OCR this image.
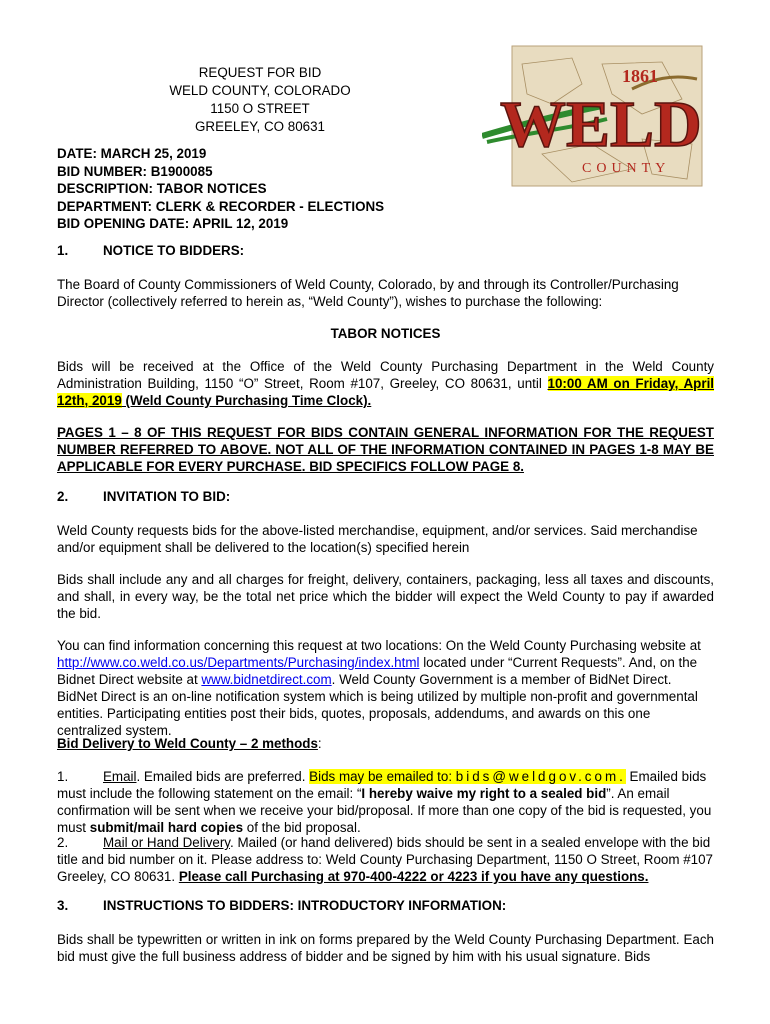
REQUEST FOR BID
WELD COUNTY, COLORADO
1150 O STREET
GREELEY, CO 80631
1861
WELD
COUNTY
DATE: MARCH 25, 2019
BID NUMBER: B1900085
DESCRIPTION: TABOR NOTICES
DEPARTMENT: CLERK & RECORDER - ELECTIONS
BID OPENING DATE: APRIL 12, 2019
1.	NOTICE TO BIDDERS:
The Board of County Commissioners of Weld County, Colorado, by and through its Controller/Purchasing Director (collectively referred to herein as, “Weld County”), wishes to purchase the following:
TABOR NOTICES
Bids will be received at the Office of the Weld County Purchasing Department in the Weld County Administration Building, 1150 “O” Street, Room #107, Greeley, CO 80631, until 10:00 AM on Friday, April 12th, 2019 (Weld County Purchasing Time Clock).
PAGES 1 – 8 OF THIS REQUEST FOR BIDS CONTAIN GENERAL INFORMATION FOR THE REQUEST NUMBER REFERRED TO ABOVE. NOT ALL OF THE INFORMATION CONTAINED IN PAGES 1-8 MAY BE APPLICABLE FOR EVERY PURCHASE. BID SPECIFICS FOLLOW PAGE 8.
2.	INVITATION TO BID:
Weld County requests bids for the above-listed merchandise, equipment, and/or services. Said merchandise and/or equipment shall be delivered to the location(s) specified herein
Bids shall include any and all charges for freight, delivery, containers, packaging, less all taxes and discounts, and shall, in every way, be the total net price which the bidder will expect the Weld County to pay if awarded the bid.
You can find information concerning this request at two locations: On the Weld County Purchasing website at http://www.co.weld.co.us/Departments/Purchasing/index.html located under “Current Requests”. And, on the Bidnet Direct website at www.bidnetdirect.com. Weld County Government is a member of BidNet Direct. BidNet Direct is an on-line notification system which is being utilized by multiple non-profit and governmental entities. Participating entities post their bids, quotes, proposals, addendums, and awards on this one centralized system.
Bid Delivery to Weld County – 2 methods:
1.	Email. Emailed bids are preferred. Bids may be emailed to: bids@weldgov.com. Emailed bids must include the following statement on the email: “I hereby waive my right to a sealed bid”. An email confirmation will be sent when we receive your bid/proposal. If more than one copy of the bid is requested, you must submit/mail hard copies of the bid proposal.
2.	Mail or Hand Delivery. Mailed (or hand delivered) bids should be sent in a sealed envelope with the bid title and bid number on it. Please address to: Weld County Purchasing Department, 1150 O Street, Room #107 Greeley, CO 80631. Please call Purchasing at 970-400-4222 or 4223 if you have any questions.
3.	INSTRUCTIONS TO BIDDERS: INTRODUCTORY INFORMATION:
Bids shall be typewritten or written in ink on forms prepared by the Weld County Purchasing Department. Each bid must give the full business address of bidder and be signed by him with his usual signature. Bids
